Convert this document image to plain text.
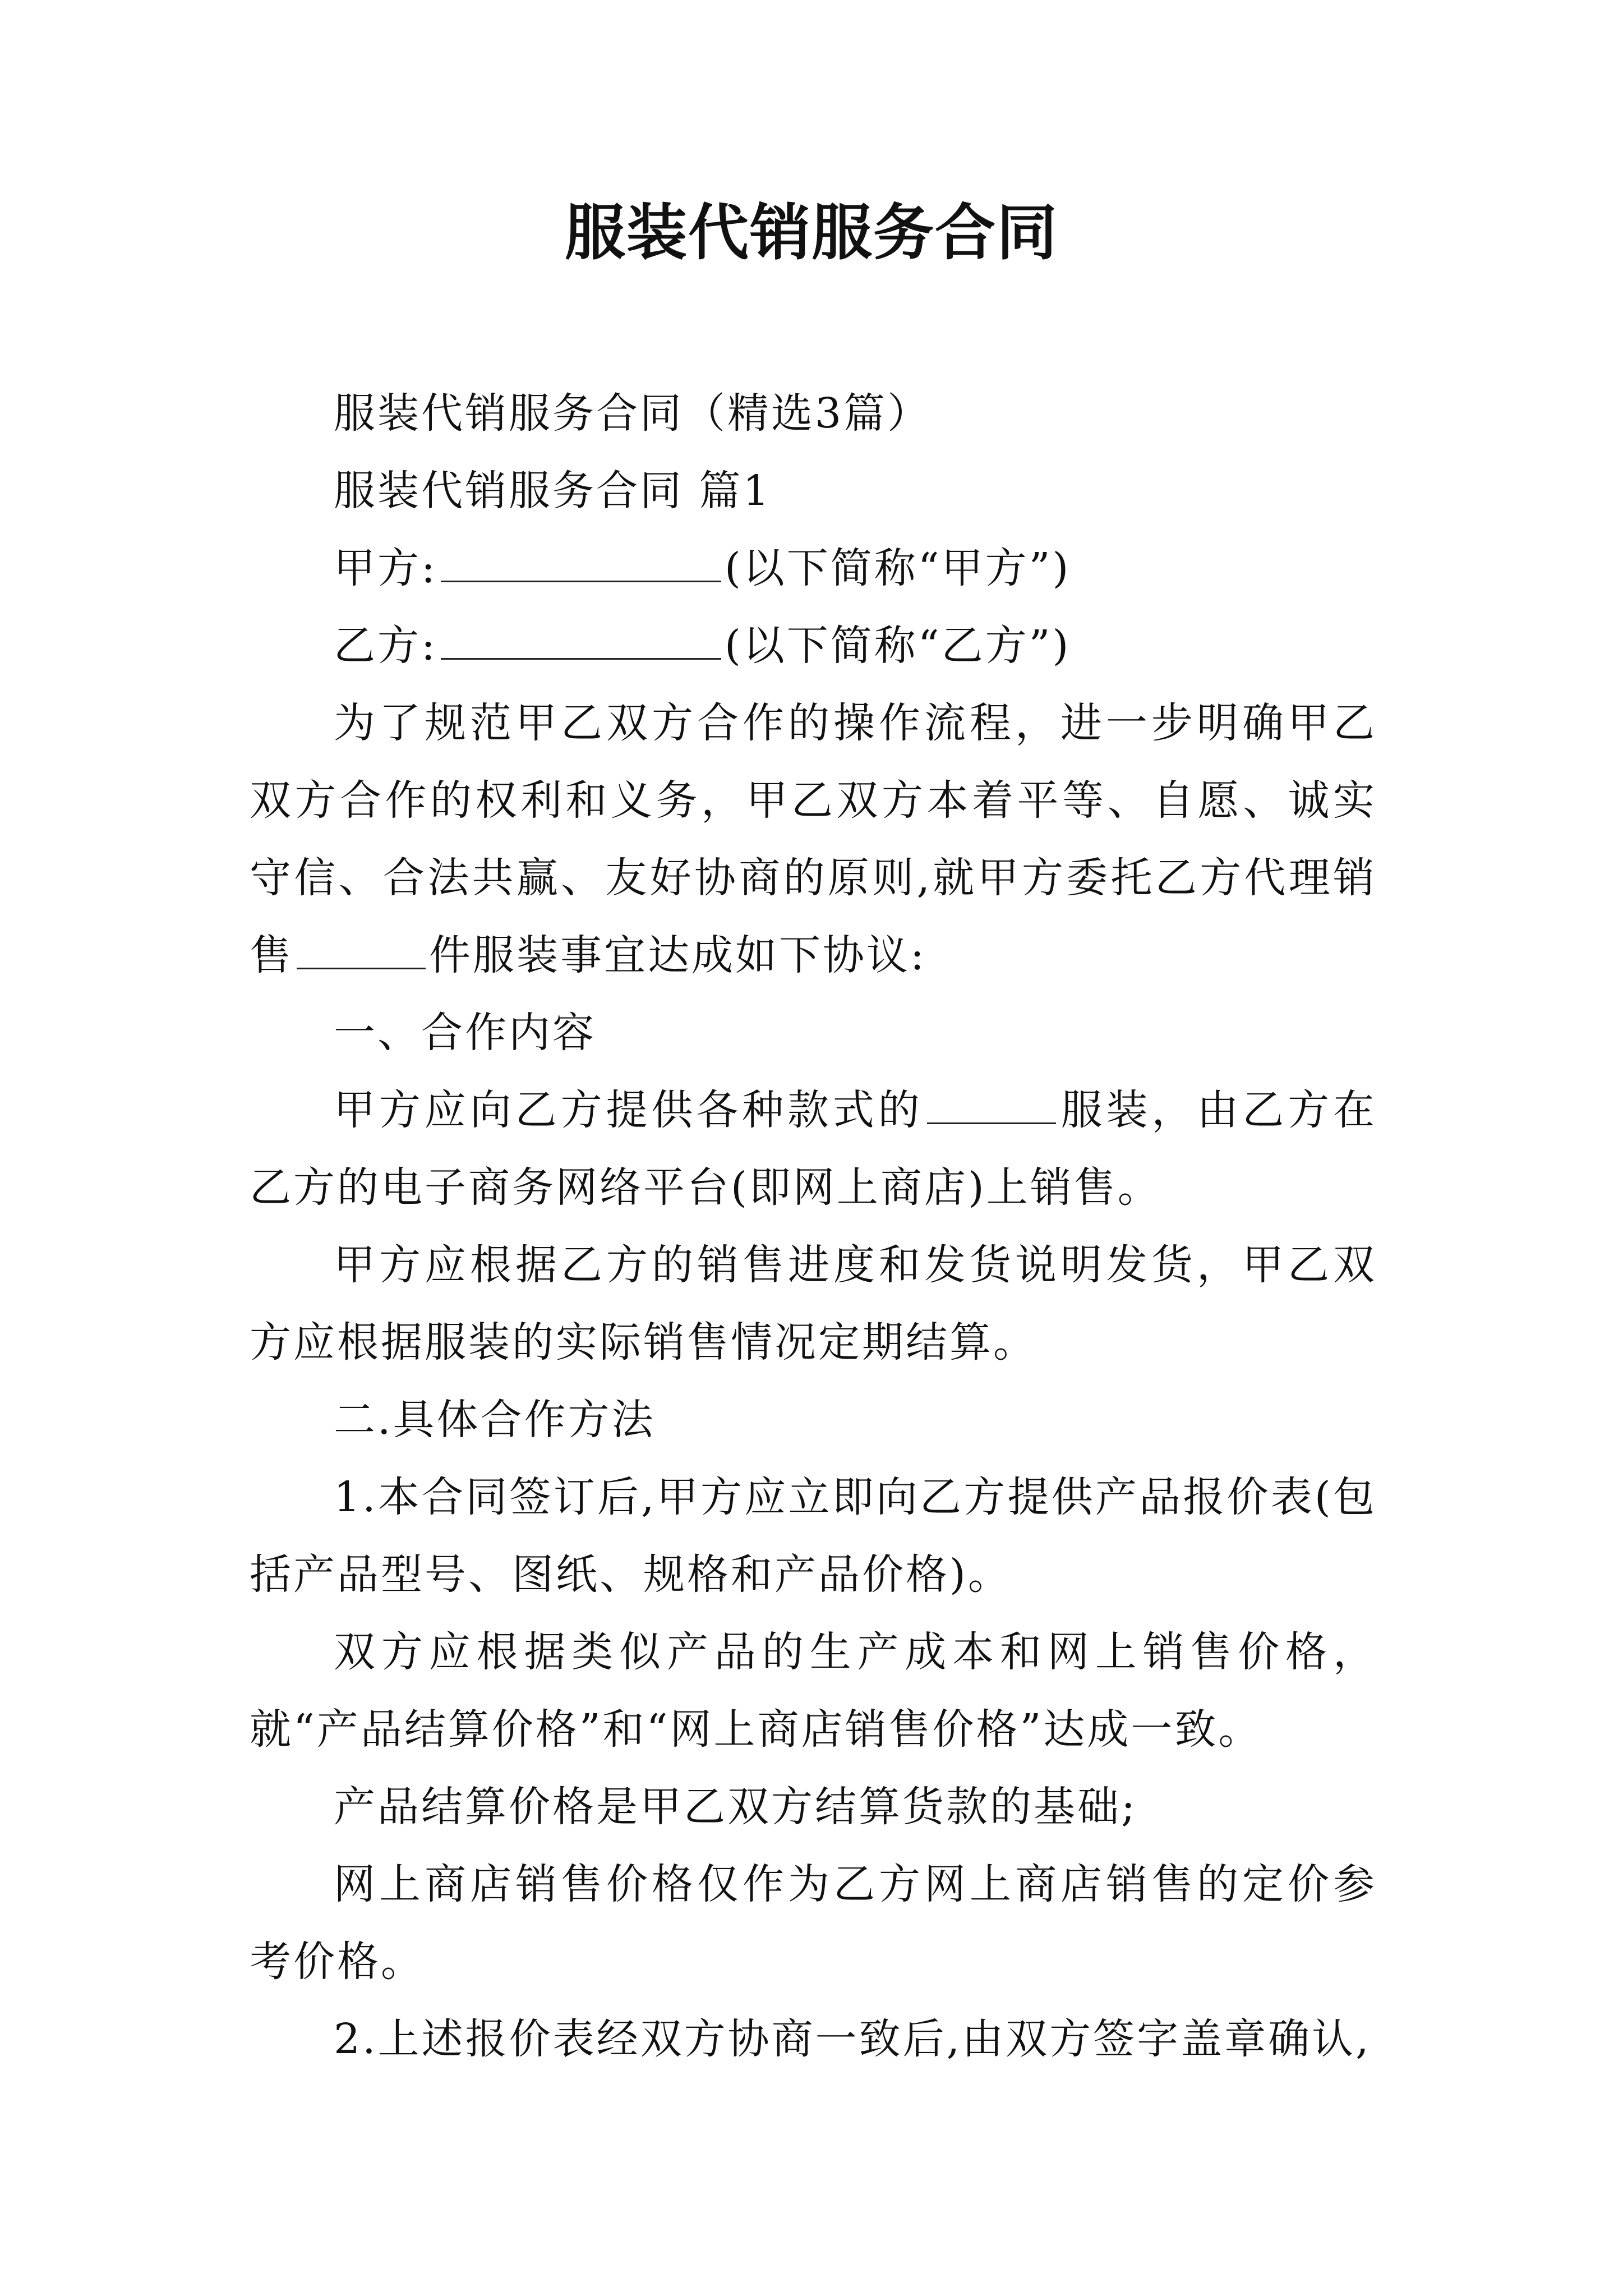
服装代销服务合同

服装代销服务合同（精选3篇）

服装代销服务合同 篇1

甲方:	(以下简称“甲方”)

乙方:	(以下简称“乙方”)

为了规范甲乙双方合作的操作流程，进一步明确甲乙双方合作的权利和义务，甲乙双方本着平等、自愿、诚实守信、合法共赢、友好协商的原则,就甲方委托乙方代理销售	件服装事宜达成如下协议:

一、合作内容

甲方应向乙方提供各种款式的	服装，由乙方在乙方的电子商务网络平台(即网上商店)上销售。

甲方应根据乙方的销售进度和发货说明发货，甲乙双方应根据服装的实际销售情况定期结算。

二.具体合作方法

1.本合同签订后,甲方应立即向乙方提供产品报价表(包括产品型号、图纸、规格和产品价格)。

双方应根据类似产品的生产成本和网上销售价格，就“产品结算价格”和“网上商店销售价格”达成一致。

产品结算价格是甲乙双方结算货款的基础;

网上商店销售价格仅作为乙方网上商店销售的定价参考价格。

2.上述报价表经双方协商一致后,由双方签字盖章确认,
